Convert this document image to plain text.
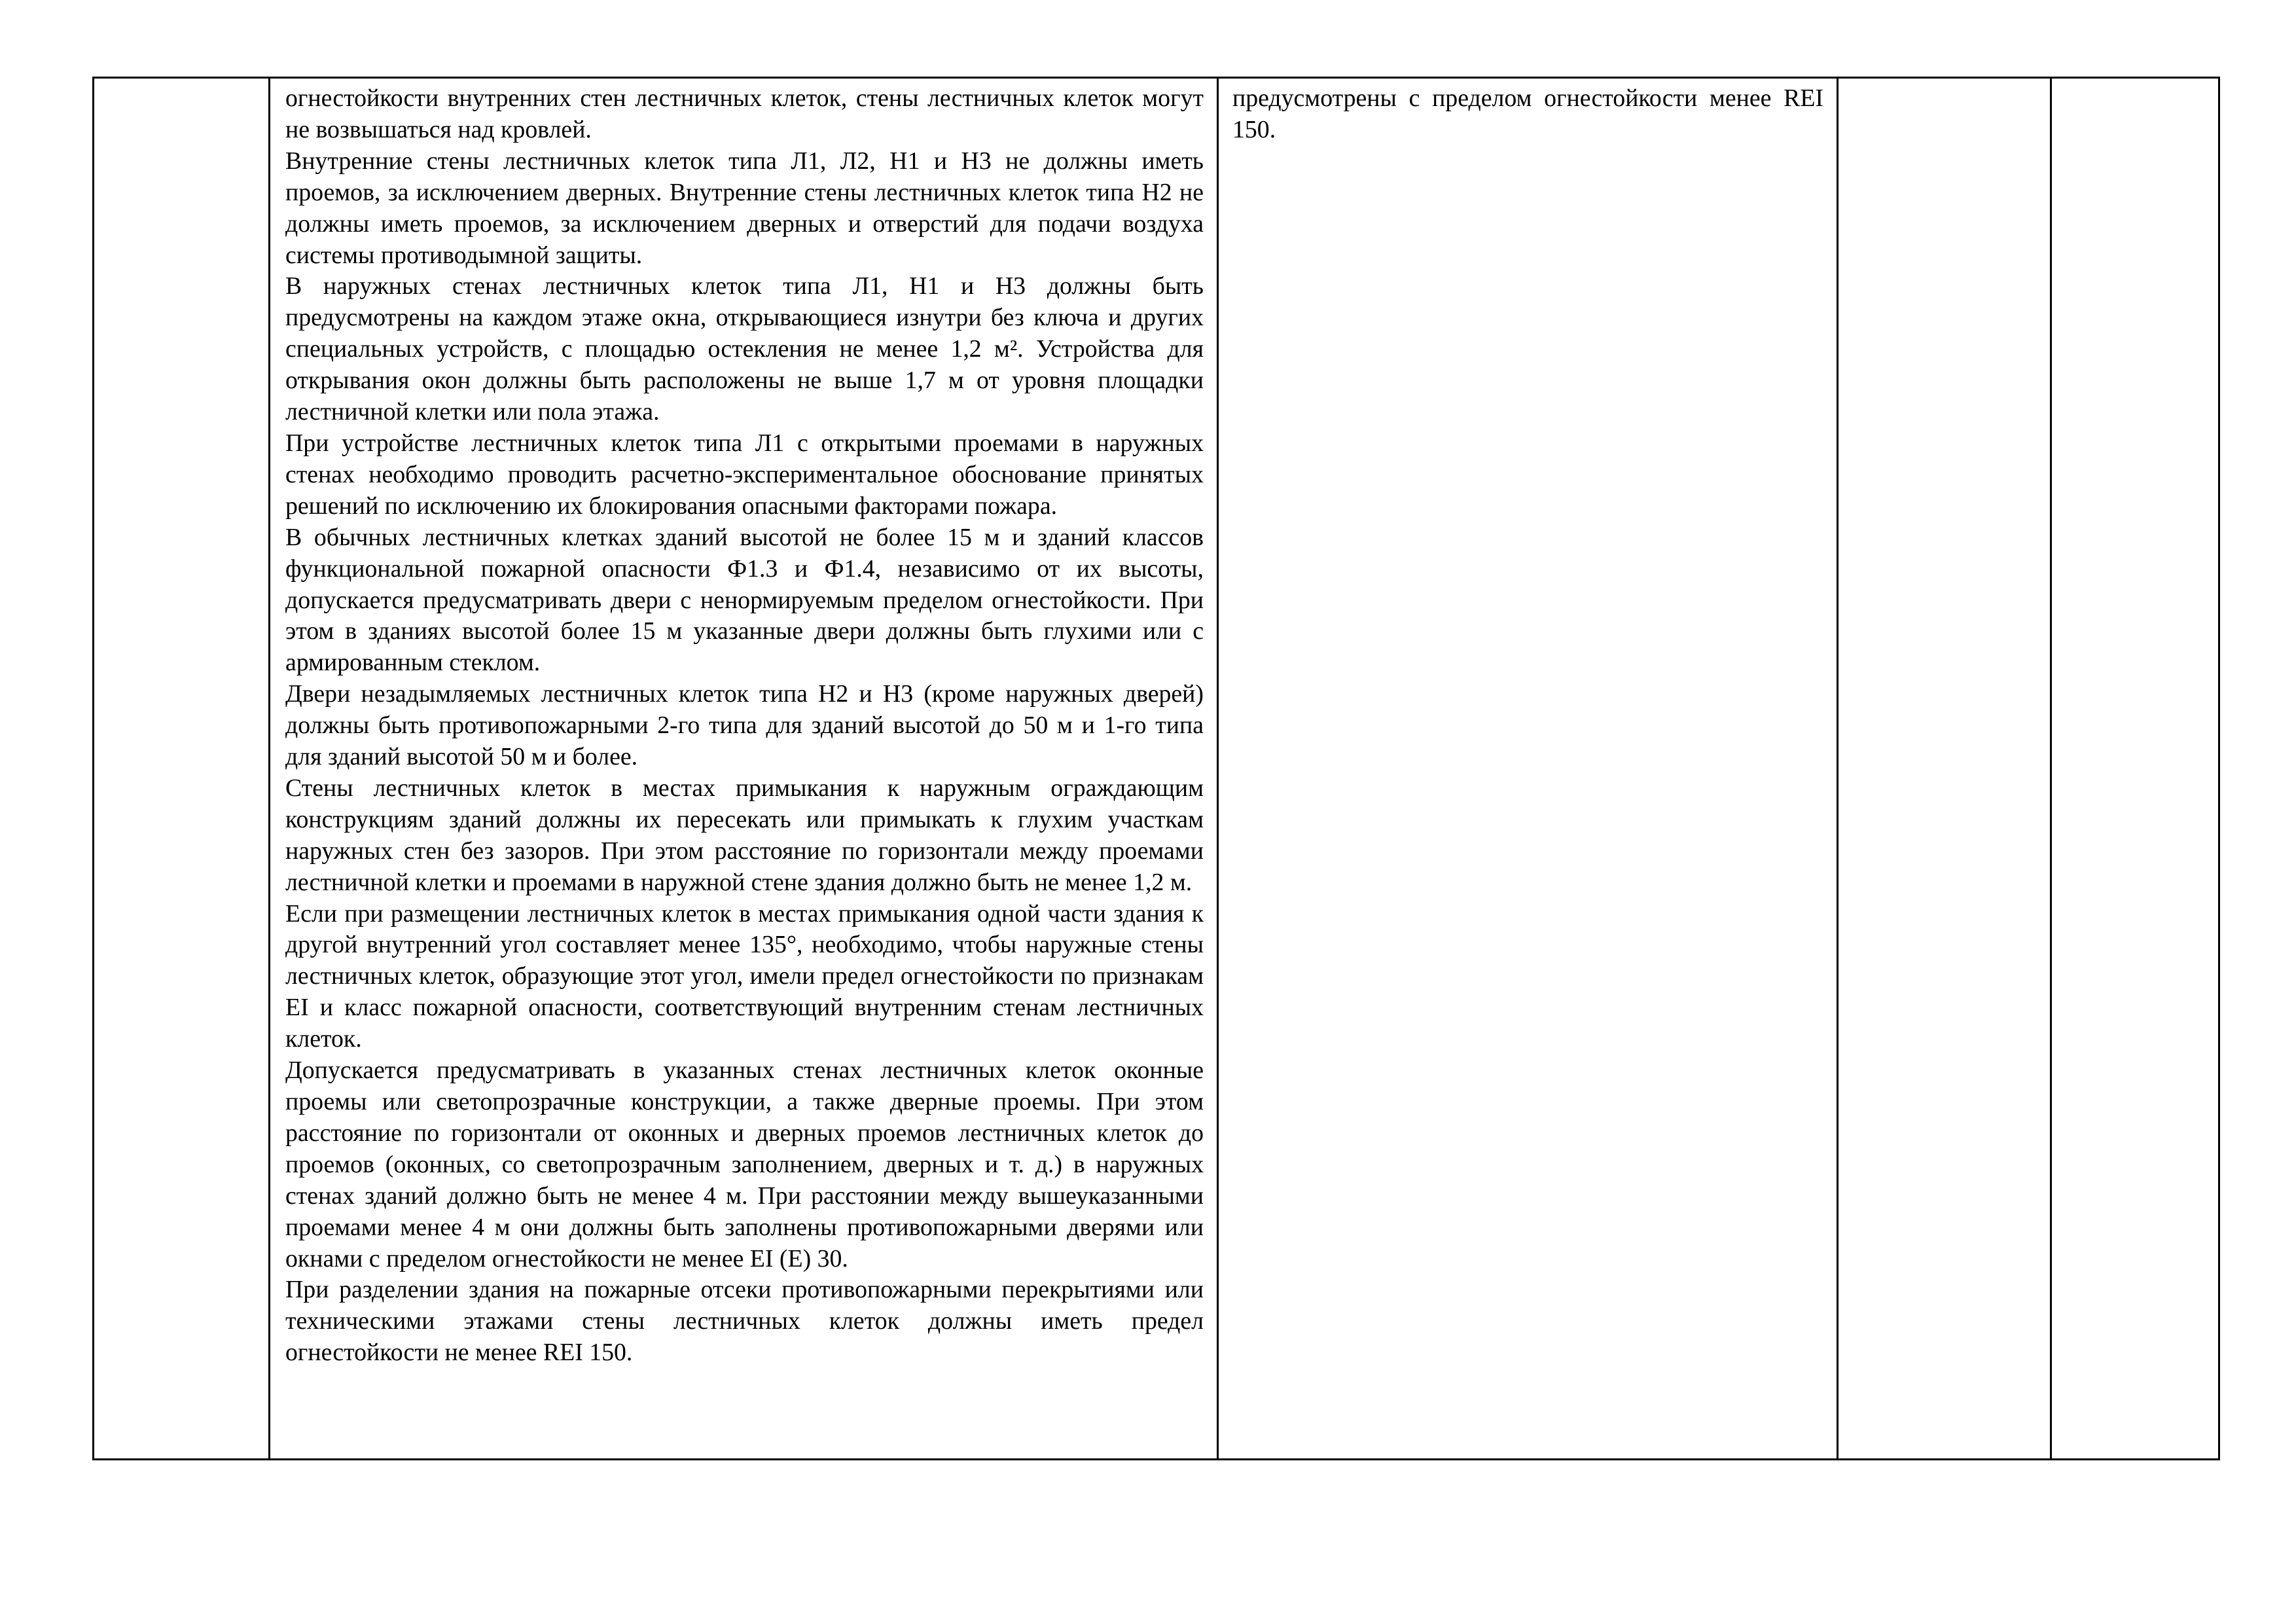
огнестойкости внутренних стен лестничных клеток, стены лестничных клеток могут не возвышаться над кровлей.

Внутренние стены лестничных клеток типа Л1, Л2, Н1 и Н3 не должны иметь проемов, за исключением дверных. Внутренние стены лестничных клеток типа Н2 не должны иметь проемов, за исключением дверных и отверстий для подачи воздуха системы противодымной защиты.

В наружных стенах лестничных клеток типа Л1, Н1 и Н3 должны быть предусмотрены на каждом этаже окна, открывающиеся изнутри без ключа и других специальных устройств, с площадью остекления не менее 1,2 м². Устройства для открывания окон должны быть расположены не выше 1,7 м от уровня площадки лестничной клетки или пола этажа.

При устройстве лестничных клеток типа Л1 с открытыми проемами в наружных стенах необходимо проводить расчетно-экспериментальное обоснование принятых решений по исключению их блокирования опасными факторами пожара.

В обычных лестничных клетках зданий высотой не более 15 м и зданий классов функциональной пожарной опасности Ф1.3 и Ф1.4, независимо от их высоты, допускается предусматривать двери с ненормируемым пределом огнестойкости. При этом в зданиях высотой более 15 м указанные двери должны быть глухими или с армированным стеклом.

Двери незадымляемых лестничных клеток типа Н2 и Н3 (кроме наружных дверей) должны быть противопожарными 2-го типа для зданий высотой до 50 м и 1-го типа для зданий высотой 50 м и более.

Стены лестничных клеток в местах примыкания к наружным ограждающим конструкциям зданий должны их пересекать или примыкать к глухим участкам наружных стен без зазоров. При этом расстояние по горизонтали между проемами лестничной клетки и проемами в наружной стене здания должно быть не менее 1,2 м.

Если при размещении лестничных клеток в местах примыкания одной части здания к другой внутренний угол составляет менее 135°, необходимо, чтобы наружные стены лестничных клеток, образующие этот угол, имели предел огнестойкости по признакам EI и класс пожарной опасности, соответствующий внутренним стенам лестничных клеток.

Допускается предусматривать в указанных стенах лестничных клеток оконные проемы или светопрозрачные конструкции, а также дверные проемы. При этом расстояние по горизонтали от оконных и дверных проемов лестничных клеток до проемов (оконных, со светопрозрачным заполнением, дверных и т. д.) в наружных стенах зданий должно быть не менее 4 м. При расстоянии между вышеуказанными проемами менее 4 м они должны быть заполнены противопожарными дверями или окнами с пределом огнестойкости не менее EI (Е) 30.

При разделении здания на пожарные отсеки противопожарными перекрытиями или техническими этажами стены лестничных клеток должны иметь предел огнестойкости не менее REI 150.

предусмотрены с пределом огнестойкости менее REI 150.
